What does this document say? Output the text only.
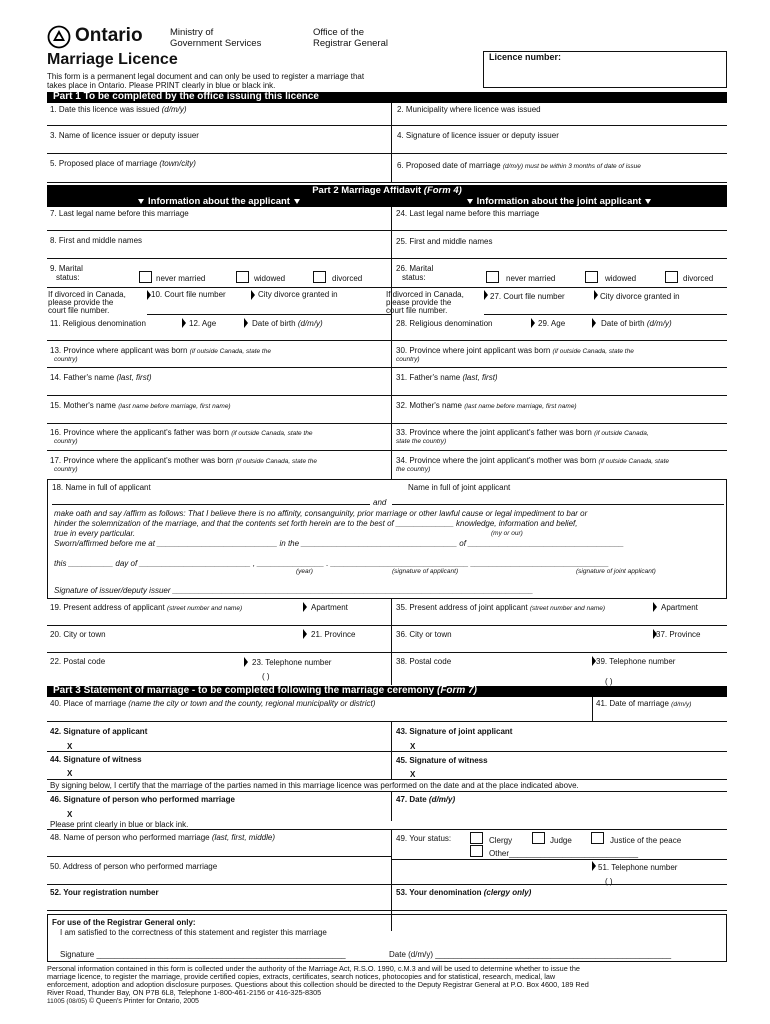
Ontario	Ministry of
Government Services
Office of the
Registrar General
Marriage Licence	Licence number:
This form is a permanent legal document and can only be used to register a marriage that
takes place in Ontario. Please PRINT clearly in blue or black ink.
Part 1 To be completed by the office issuing this licence
1. Date this licence was issued (d/m/y)	2. Municipality where licence was issued
3. Name of licence issuer or deputy issuer	4. Signature of licence issuer or deputy issuer
5. Proposed place of marriage (town/city)	6. Proposed date of marriage (d/m/y) must be within 3 months of date of issue
Part 2 Marriage Affidavit (Form 4)
Information about the applicant	Information about the joint applicant
7. Last legal name before this marriage	24. Last legal name before this marriage
8. First and middle names	25. First and middle names
9. Marital
status:	never married	widowed	divorced
26. Marital
status:	never married	widowed	divorced
If divorced in Canada,
please provide the
court file number.
10. Court file number	City divorce granted in	If divorced in Canada,
please provide the
court file number.
27. Court file number	City divorce granted in
11. Religious denomination	12. Age	Date of birth (d/m/y)	28. Religious denomination	29. Age	Date of birth (d/m/y)
13. Province where applicant was born (if outside Canada, state the
country)
30. Province where joint applicant was born (if outside Canada, state the
country)
14. Father's name (last, first)	31. Father's name (last, first)
15. Mother's name (last name before marriage, first name)	32. Mother's name (last name before marriage, first name)
16. Province where the applicant's father was born (if outside Canada, state the
country)
33. Province where the joint applicant's father was born (if outside Canada,
state the country)
17. Province where the applicant's mother was born (if outside Canada, state the
country)
34. Province where the joint applicant's mother was born (if outside Canada, state
the country)
18. Name in full of applicant	Name in full of joint applicant
and
make oath and say /affirm as follows: That I believe there is no affinity, consanguinity, prior marriage or other lawful cause or legal impediment to bar or
hinder the solemnization of the marriage, and that the contents set forth herein are to the best of _____________ knowledge, information and belief,
true in every particular.	(my or our)
Sworn/affirmed before me at ___________________________ in the ___________________________________ of ___________________________________
this __________ day of _________________________ , _______________ . _______________________________ _______________________________
(year)	(signature of applicant)	(signature of joint applicant)
Signature of issuer/deputy issuer _________________________________________________________________________________
19. Present address of applicant (street number and name)	Apartment	35. Present address of joint applicant (street number and name)	Apartment
20. City or town	21. Province	36. City or town	37. Province
22. Postal code	23. Telephone number
( )
38. Postal code	39. Telephone number
( )
Part 3 Statement of marriage - to be completed following the marriage ceremony (Form 7)
40. Place of marriage (name the city or town and the county, regional municipality or district)	41. Date of marriage (d/m/y)
42. Signature of applicant
X
43. Signature of joint applicant
X
44. Signature of witness
X
45. Signature of witness
X
By signing below, I certify that the marriage of the parties named in this marriage licence was performed on the date and at the place indicated above.
46. Signature of person who performed marriage
X
47. Date (d/m/y)
Please print clearly in blue or black ink.
48. Name of person who performed marriage (last, first, middle)	49. Your status:	Clergy	Judge	Justice of the peace
Other_____________________________
50. Address of person who performed marriage	51. Telephone number
( )
52. Your registration number	53. Your denomination (clergy only)
For use of the Registrar General only:
I am satisfied to the correctness of this statement and register this marriage
Signature ________________________________________________________	Date (d/m/y) _____________________________________________________
Personal information contained in this form is collected under the authority of the Marriage Act, R.S.O. 1990, c.M.3 and will be used to determine whether to issue the
marriage licence, to register the marriage, provide certified copies, extracts, certificates, search notices, photocopies and for statistical, research, medical, law
enforcement, adoption and adoption disclosure purposes. Questions about this collection should be directed to the Deputy Registrar General at P.O. Box 4600, 189 Red
River Road, Thunder Bay, ON P7B 6L8, Telephone 1-800-461-2156 or 416-325-8305
11005 (08/05) © Queen's Printer for Ontario, 2005
